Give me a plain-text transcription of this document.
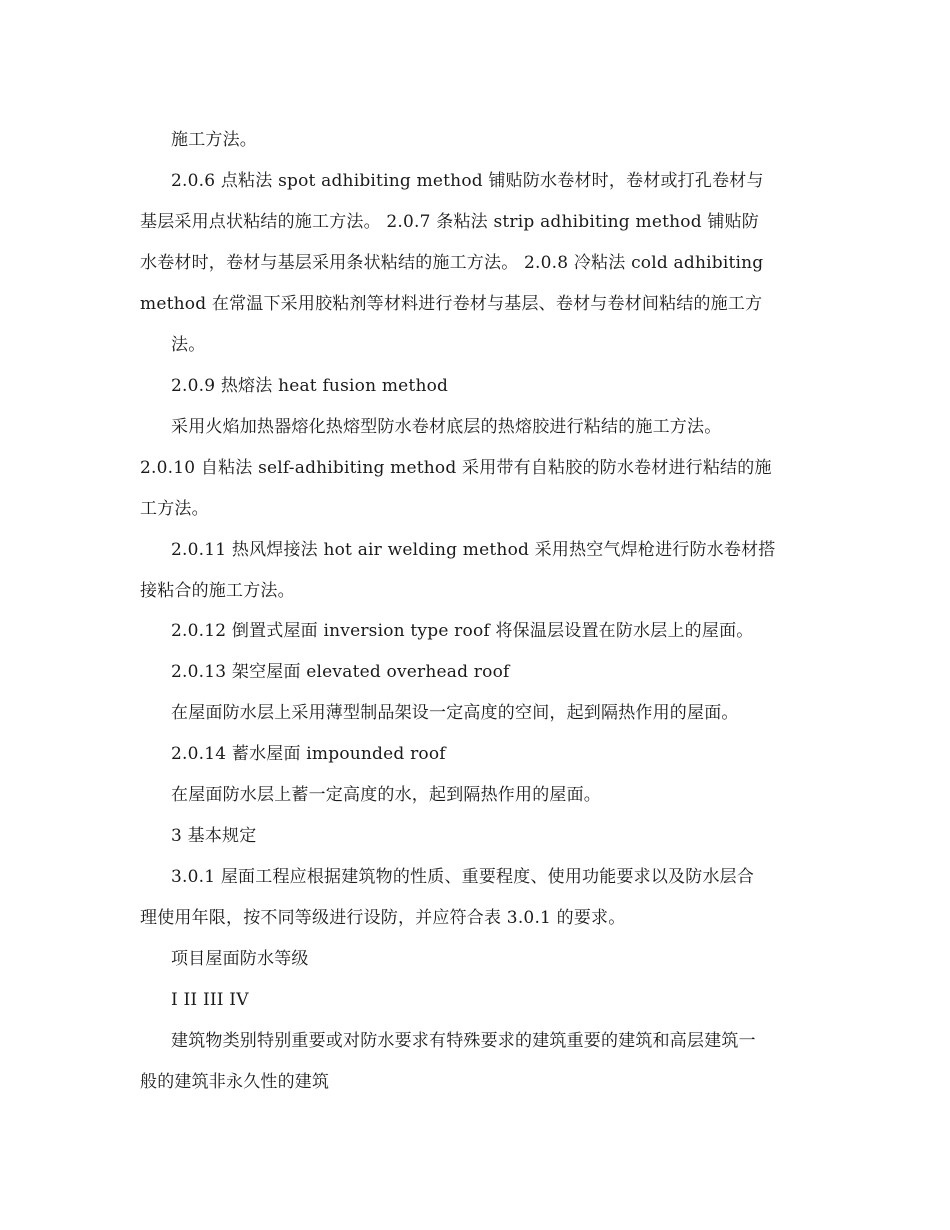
施工方法。
2.0.6 点粘法 spot adhibiting method 铺贴防水卷材时，卷材或打孔卷材与
基层采用点状粘结的施工方法。 2.0.7 条粘法 strip adhibiting method 铺贴防
水卷材时，卷材与基层采用条状粘结的施工方法。 2.0.8 冷粘法 cold adhibiting
method 在常温下采用胶粘剂等材料进行卷材与基层、卷材与卷材间粘结的施工方
法。
2.0.9 热熔法 heat fusion method
采用火焰加热器熔化热熔型防水卷材底层的热熔胶进行粘结的施工方法。
2.0.10 自粘法 self-adhibiting method 采用带有自粘胶的防水卷材进行粘结的施
工方法。
2.0.11 热风焊接法 hot air welding method 采用热空气焊枪进行防水卷材搭
接粘合的施工方法。
2.0.12 倒置式屋面 inversion type roof 将保温层设置在防水层上的屋面。
2.0.13 架空屋面 elevated overhead roof
在屋面防水层上采用薄型制品架设一定高度的空间，起到隔热作用的屋面。
2.0.14 蓄水屋面 impounded roof
在屋面防水层上蓄一定高度的水，起到隔热作用的屋面。
3 基本规定
3.0.1 屋面工程应根据建筑物的性质、重要程度、使用功能要求以及防水层合
理使用年限，按不同等级进行设防，并应符合表 3.0.1 的要求。
项目屋面防水等级
I II III IV
建筑物类别特别重要或对防水要求有特殊要求的建筑重要的建筑和高层建筑一
般的建筑非永久性的建筑
